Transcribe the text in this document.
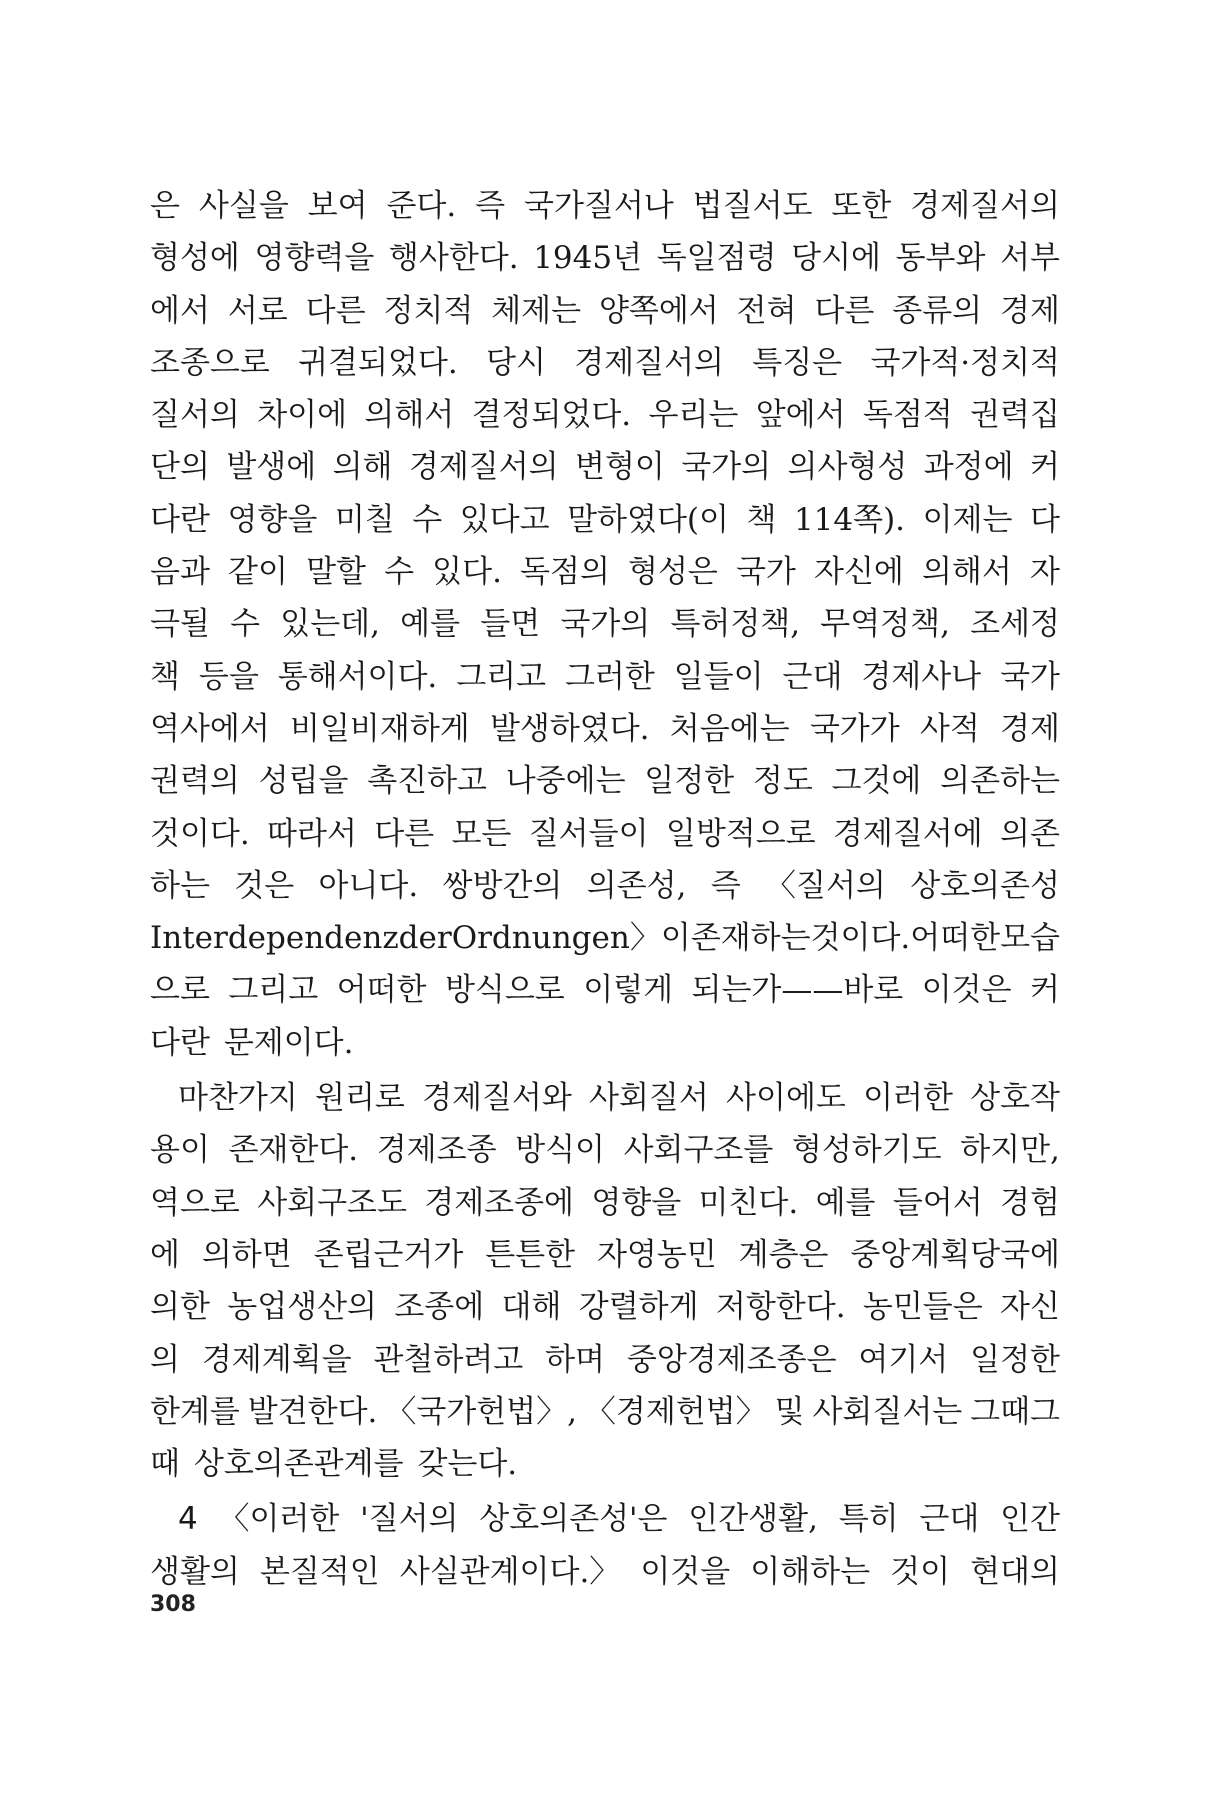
은 사실을 보여 준다. 즉 국가질서나 법질서도 또한 경제질서의
형성에 영향력을 행사한다. 1945년 독일점령 당시에 동부와 서부
에서 서로 다른 정치적 체제는 양쪽에서 전혀 다른 종류의 경제
조종으로 귀결되었다. 당시 경제질서의 특징은 국가적·정치적
질서의 차이에 의해서 결정되었다. 우리는 앞에서 독점적 권력집
단의 발생에 의해 경제질서의 변형이 국가의 의사형성 과정에 커
다란 영향을 미칠 수 있다고 말하였다(이 책 114쪽). 이제는 다
음과 같이 말할 수 있다. 독점의 형성은 국가 자신에 의해서 자
극될 수 있는데, 예를 들면 국가의 특허정책, 무역정책, 조세정
책 등을 통해서이다. 그리고 그러한 일들이 근대 경제사나 국가
역사에서 비일비재하게 발생하였다. 처음에는 국가가 사적 경제
권력의 성립을 촉진하고 나중에는 일정한 정도 그것에 의존하는
것이다. 따라서 다른 모든 질서들이 일방적으로 경제질서에 의존
하는 것은 아니다. 쌍방간의 의존성, 즉 〈질서의 상호의존성
Interdependenz der Ordnungen〉이 존재하는 것이다. 어떠한 모습
으로 그리고 어떠한 방식으로 이렇게 되는가——바로 이것은 커
다란 문제이다.
마찬가지 원리로 경제질서와 사회질서 사이에도 이러한 상호작
용이 존재한다. 경제조종 방식이 사회구조를 형성하기도 하지만,
역으로 사회구조도 경제조종에 영향을 미친다. 예를 들어서 경험
에 의하면 존립근거가 튼튼한 자영농민 계층은 중앙계획당국에
의한 농업생산의 조종에 대해 강렬하게 저항한다. 농민들은 자신
의 경제계획을 관철하려고 하며 중앙경제조종은 여기서 일정한
한계를 발견한다. 〈국가헌법〉, 〈경제헌법〉 및 사회질서는 그때그
때 상호의존관계를 갖는다.
4 〈이러한 '질서의 상호의존성'은 인간생활, 특히 근대 인간
생활의 본질적인 사실관계이다.〉 이것을 이해하는 것이 현대의
308
